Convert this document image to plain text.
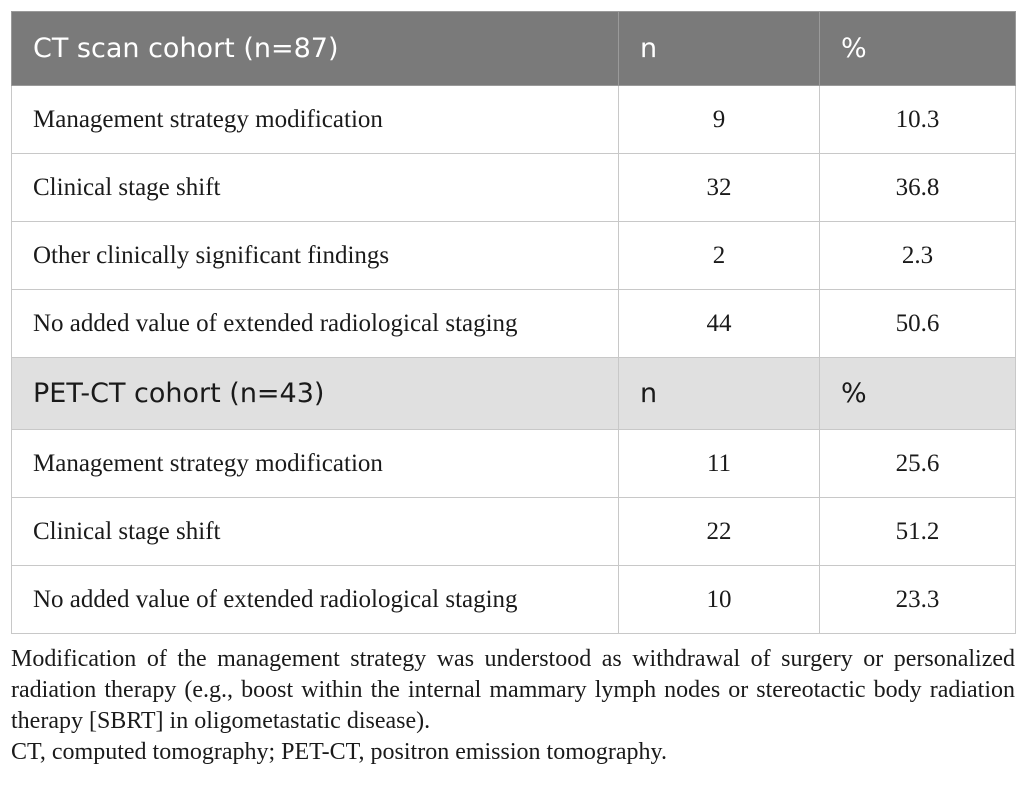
CT scan cohort (n=87)	n	%
Management strategy modification	9	10.3
Clinical stage shift	32	36.8
Other clinically significant findings	2	2.3
No added value of extended radiological staging	44	50.6
PET-CT cohort (n=43)	n	%
Management strategy modification	11	25.6
Clinical stage shift	22	51.2
No added value of extended radiological staging	10	23.3

Modification of the management strategy was understood as withdrawal of surgery or personalized radiation therapy (e.g., boost within the internal mammary lymph nodes or stereotactic body radiation therapy [SBRT] in oligometastatic disease).

CT, computed tomography; PET-CT, positron emission tomography.
